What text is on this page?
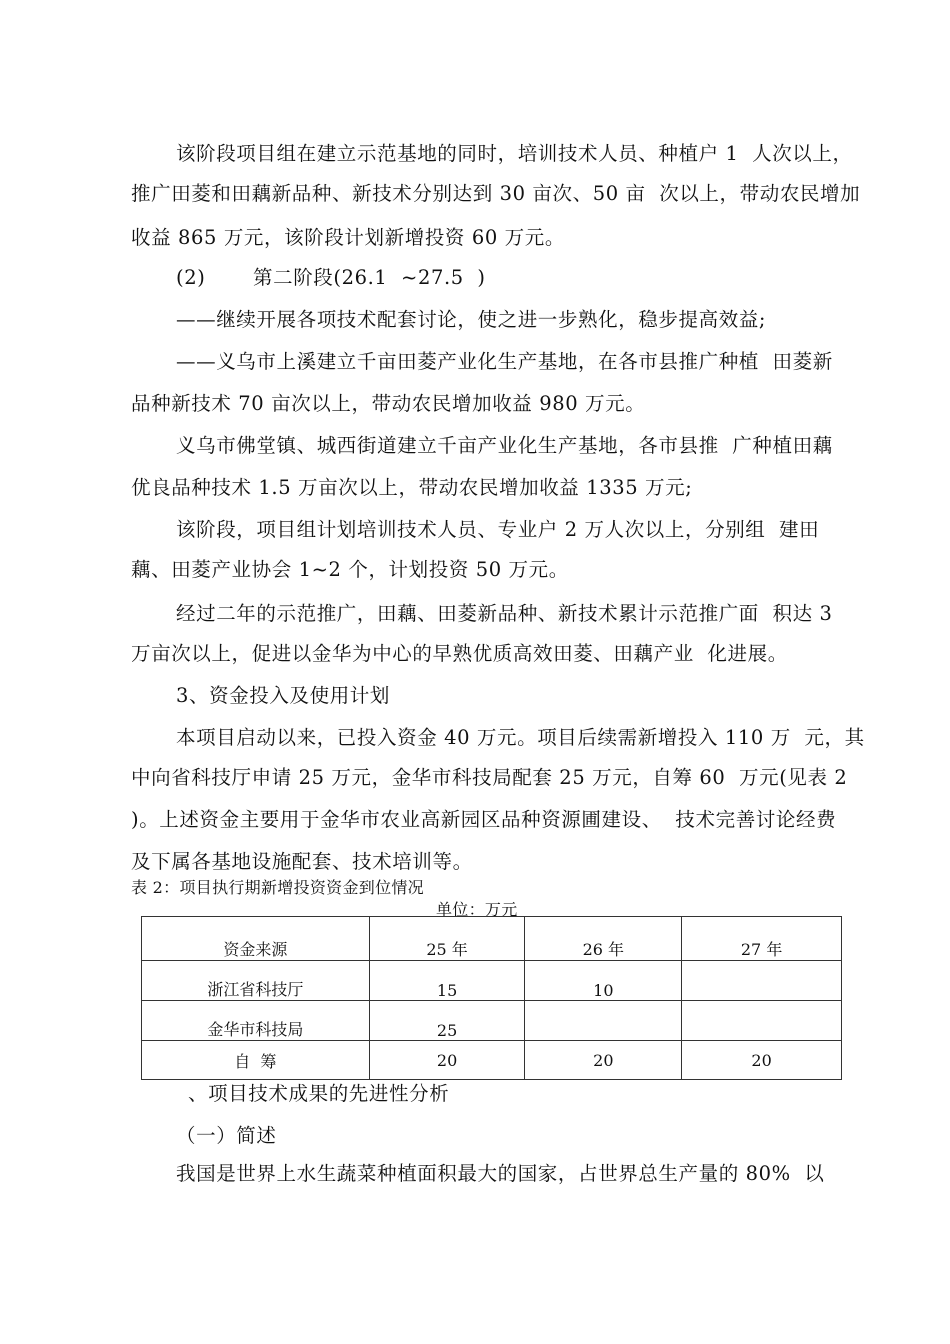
该阶段项目组在建立示范基地的同时，培训技术人员、种植户 1  人次以上，
推广田菱和田藕新品种、新技术分别达到 30 亩次、50 亩  次以上，带动农民增加
收益 865 万元，该阶段计划新增投资 60 万元。
(2)       第二阶段(26.1  ~27.5  )
——继续开展各项技术配套讨论，使之进一步熟化，稳步提高效益;
——义乌市上溪建立千亩田菱产业化生产基地，在各市县推广种植  田菱新
品种新技术 70 亩次以上，带动农民增加收益 980 万元。
义乌市佛堂镇、城西街道建立千亩产业化生产基地，各市县推  广种植田藕
优良品种技术 1.5 万亩次以上，带动农民增加收益 1335 万元;
该阶段，项目组计划培训技术人员、专业户 2 万人次以上，分别组  建田
藕、田菱产业协会 1~2 个，计划投资 50 万元。
经过二年的示范推广，田藕、田菱新品种、新技术累计示范推广面  积达 3
万亩次以上，促进以金华为中心的早熟优质高效田菱、田藕产业  化进展。
3、资金投入及使用计划
本项目启动以来，已投入资金 40 万元。项目后续需新增投入 110 万  元，其
中向省科技厅申请 25 万元，金华市科技局配套 25 万元，自筹 60  万元(见表 2
)。上述资金主要用于金华市农业高新园区品种资源圃建设、  技术完善讨论经费
及下属各基地设施配套、技术培训等。
表 2：项目执行期新增投资资金到位情况
单位：万元
资金来源	25 年	26 年	27 年
浙江省科技厅	15	10	
金华市科技局	25		
自  筹	20	20	20
、项目技术成果的先进性分析
（一）简述
我国是世界上水生蔬菜种植面积最大的国家，占世界总生产量的 80%  以
